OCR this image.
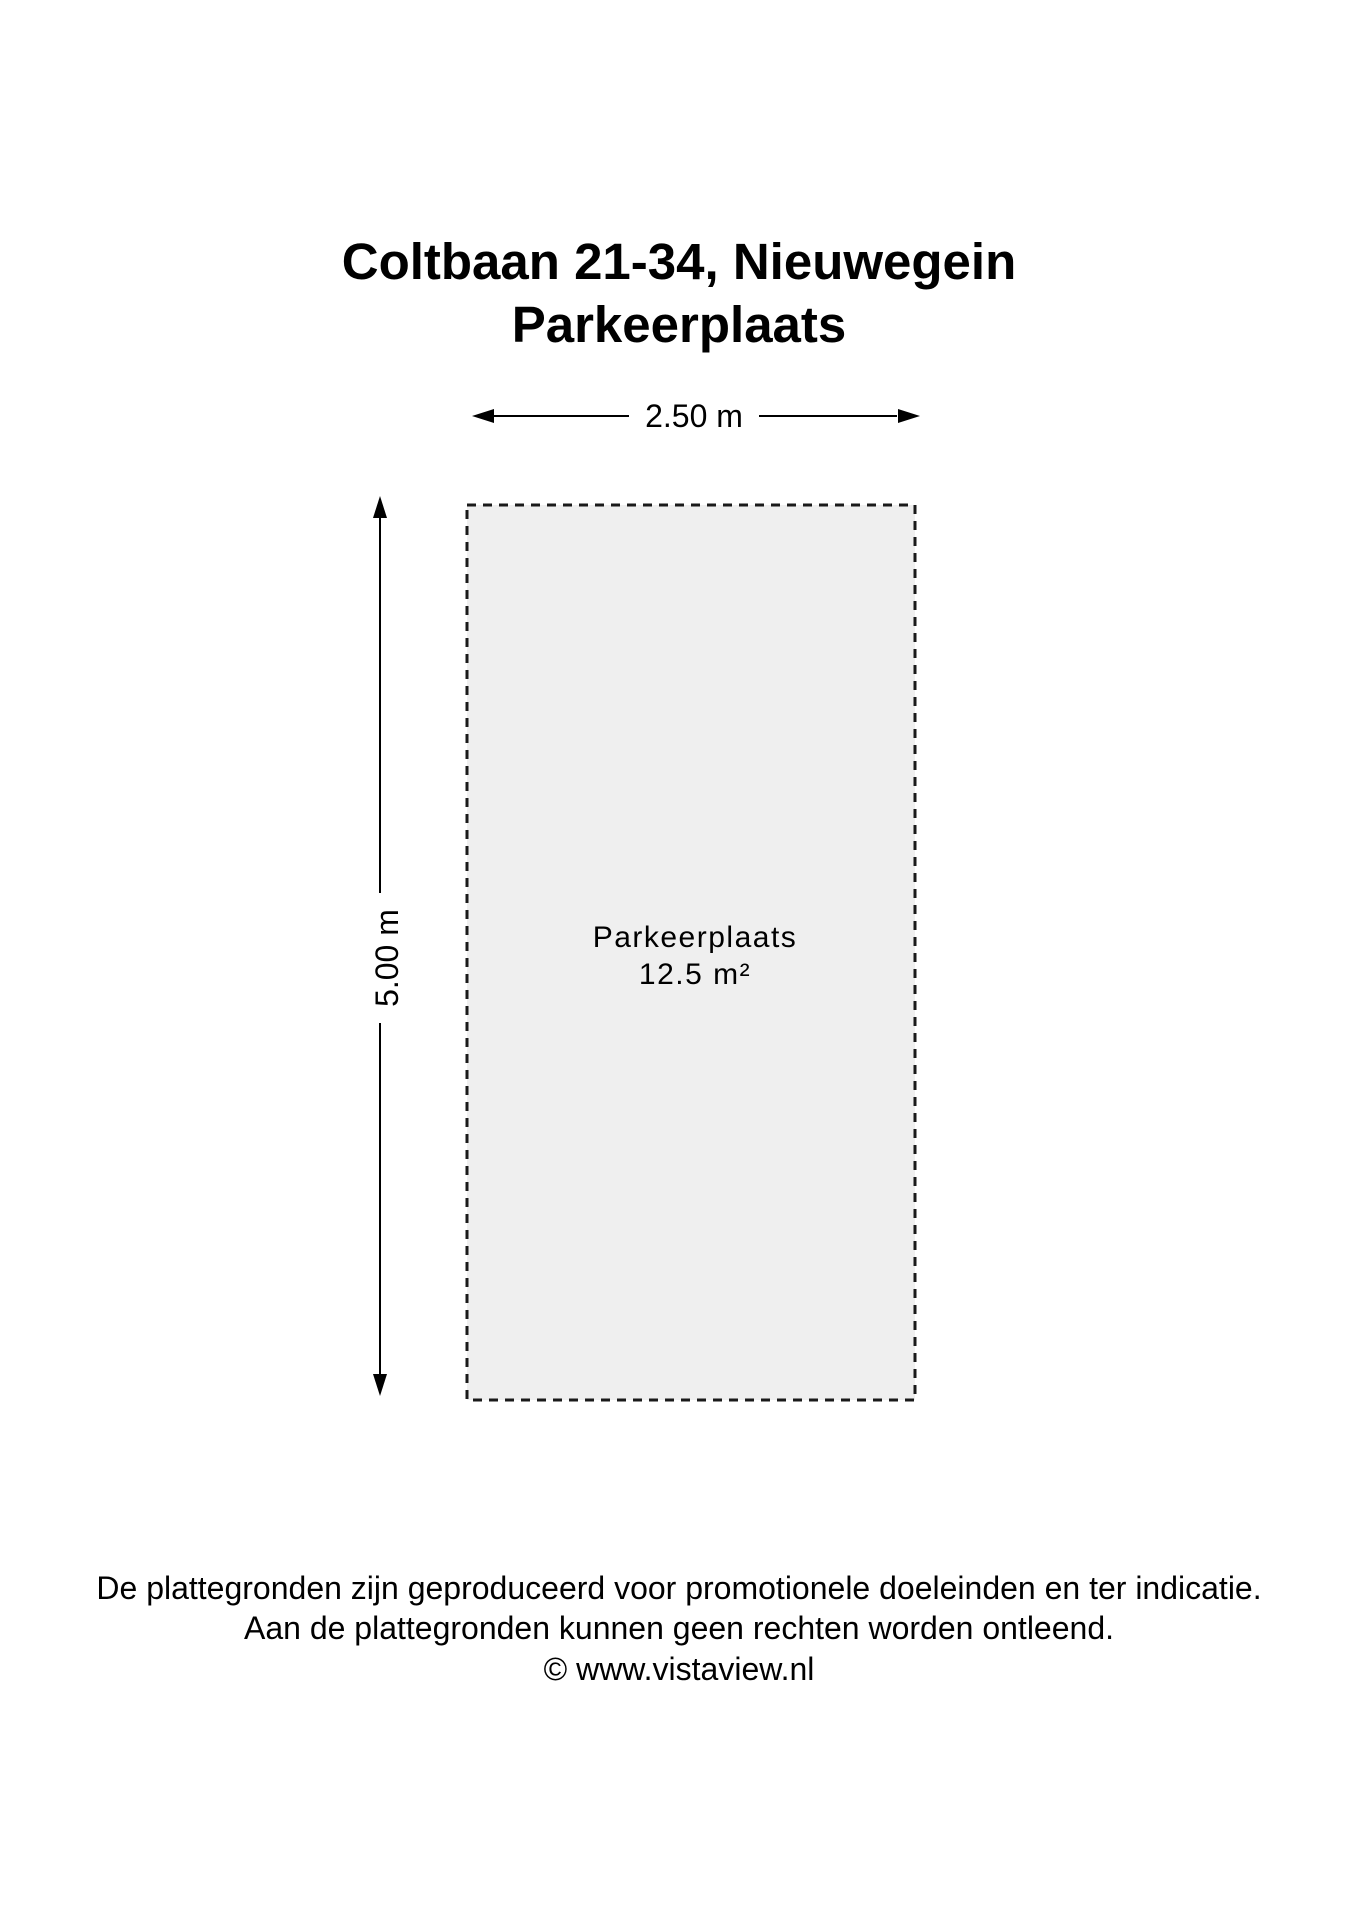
Coltbaan 21-34, Nieuwegein
Parkeerplaats
2.50 m
5.00 m	Parkeerplaats
12.5 m²
De plattegronden zijn geproduceerd voor promotionele doeleinden en ter indicatie.
Aan de plattegronden kunnen geen rechten worden ontleend.
© www.vistaview.nl
